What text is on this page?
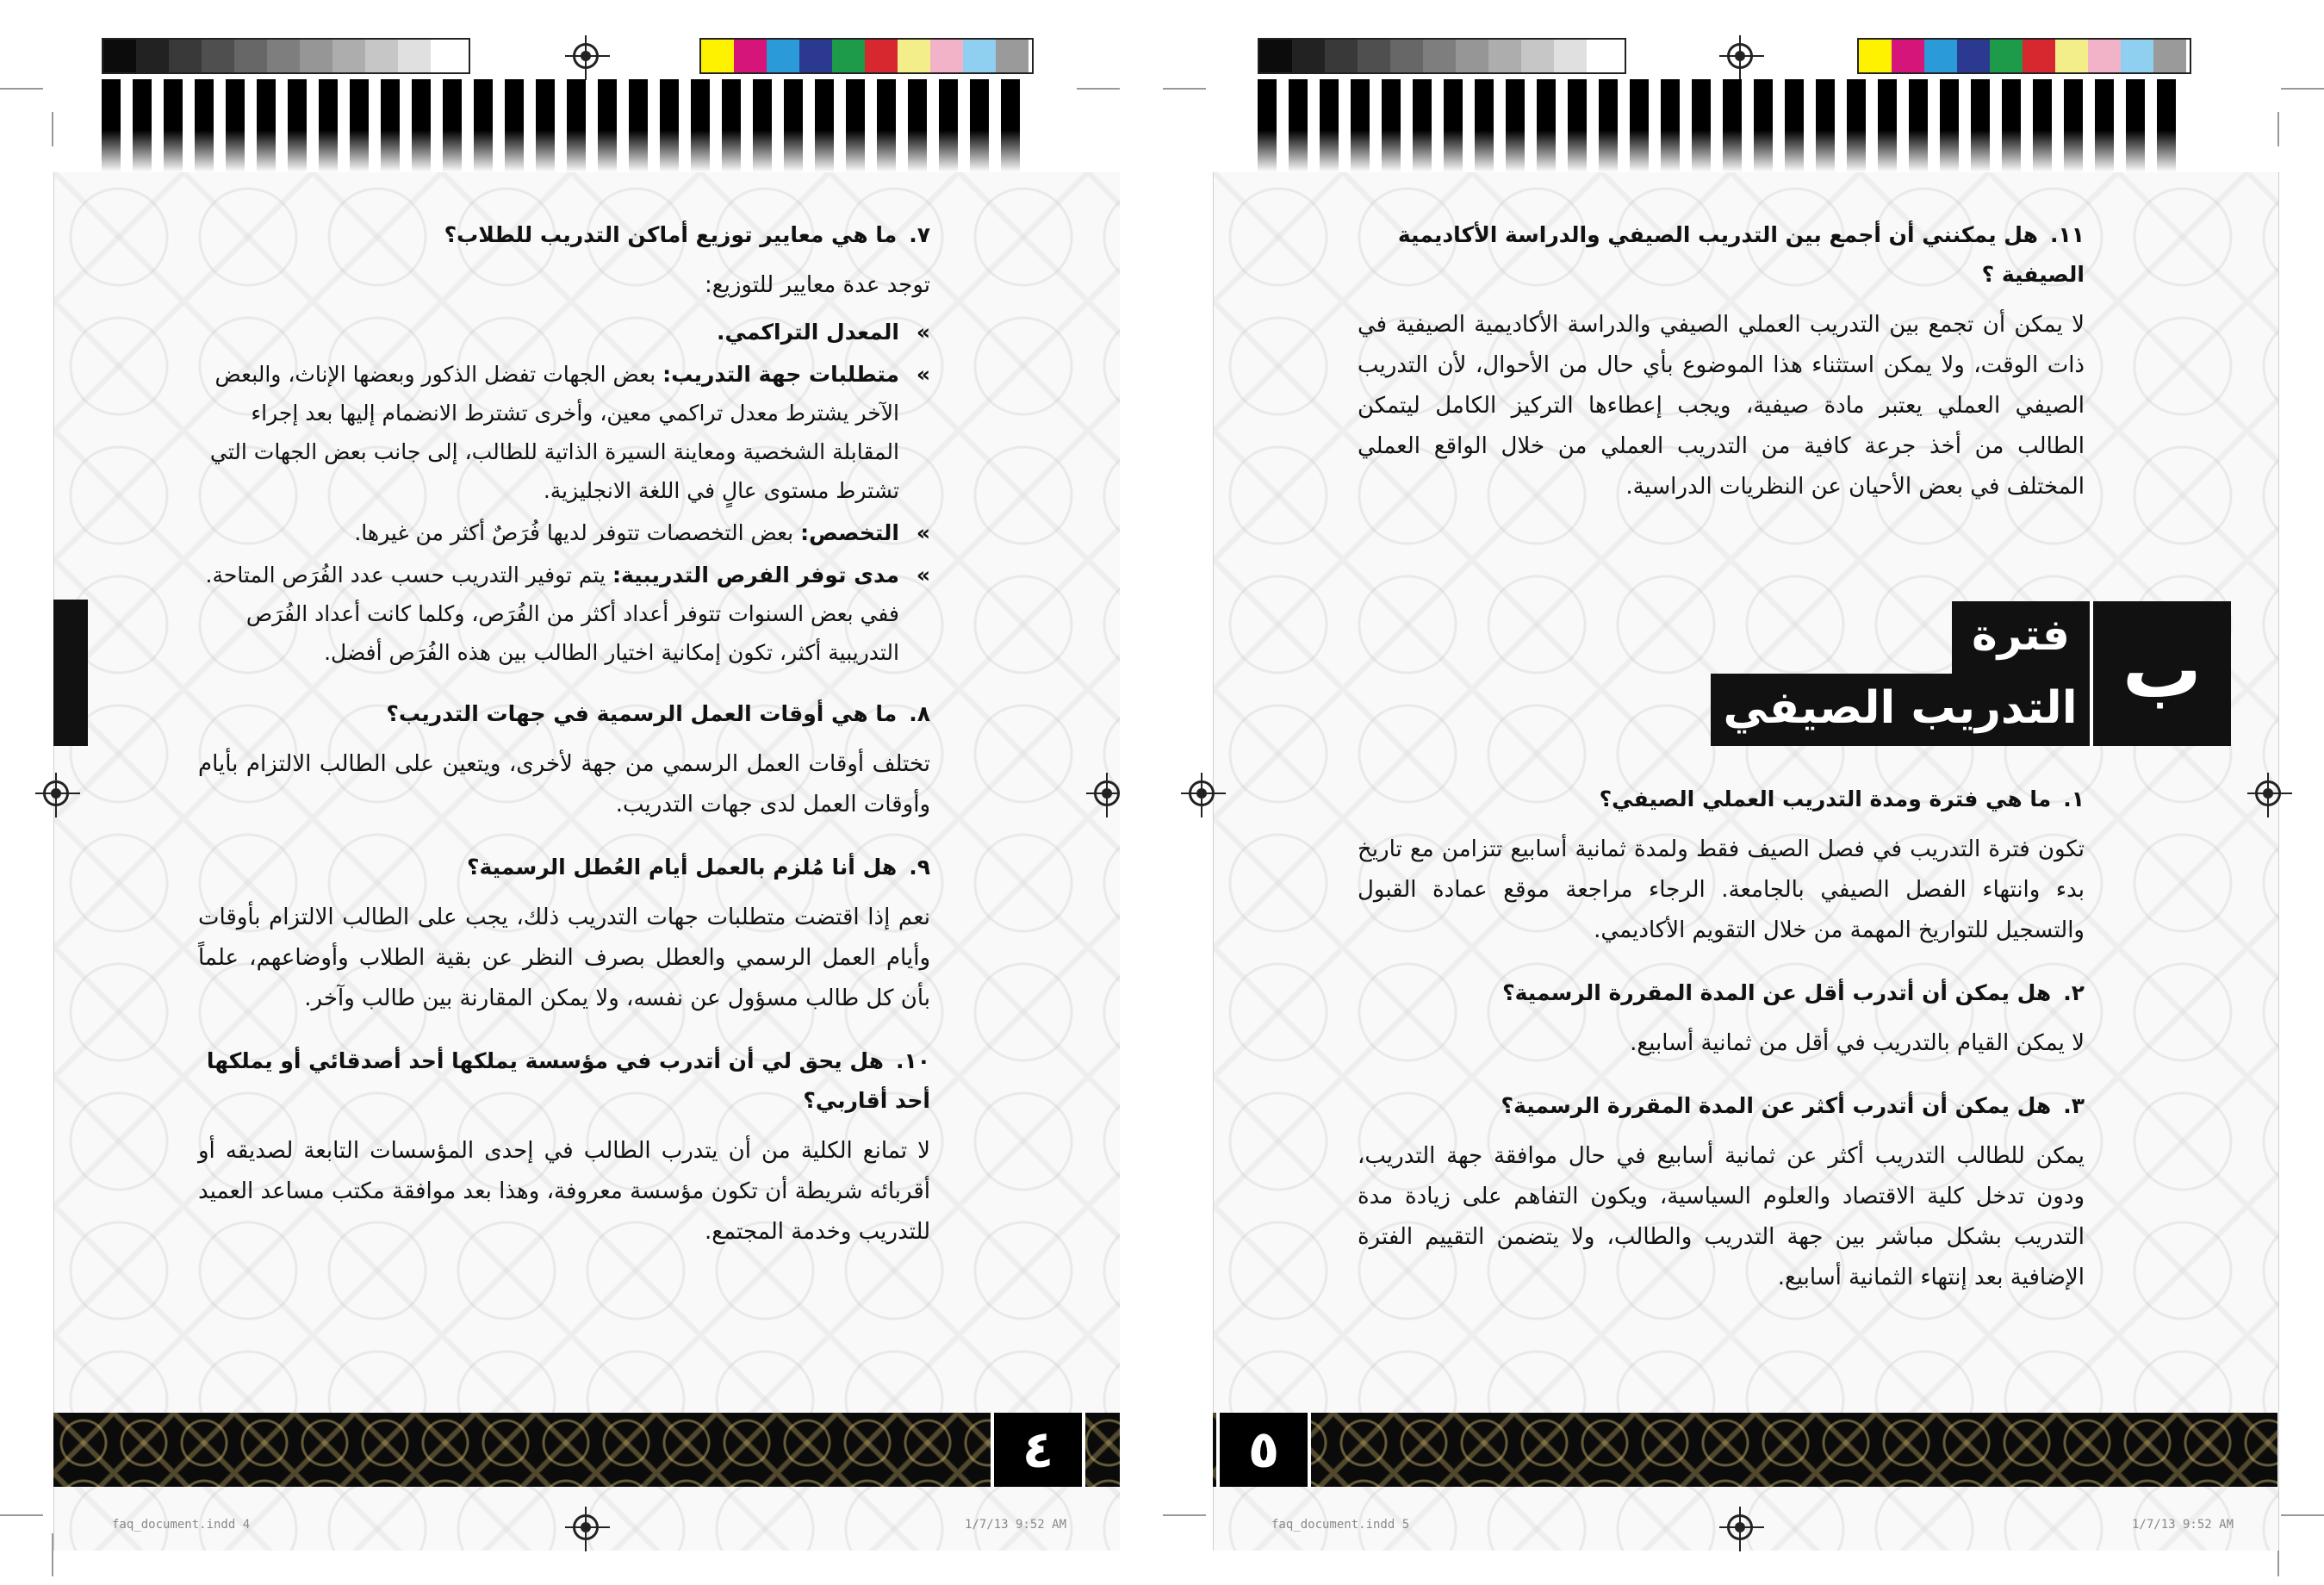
٧.ما هي معايير توزيع أماكن التدريب للطلاب؟
توجد عدة معايير للتوزيع:
»
المعدل التراكمي.
»
متطلبات جهة التدريب: بعض الجهات تفضل الذكور وبعضها الإناث، والبعض الآخر يشترط معدل تراكمي معين، وأخرى تشترط الانضمام إليها بعد إجراء المقابلة الشخصية ومعاينة السيرة الذاتية للطالب، إلى جانب بعض الجهات التي تشترط مستوى عالٍ في اللغة الانجليزية.
»
التخصص: بعض التخصصات تتوفر لديها فُرَصٌ أكثر من غيرها.
»
مدى توفر الفرص التدريبية: يتم توفير التدريب حسب عدد الفُرَص المتاحة. ففي بعض السنوات تتوفر أعداد أكثر من الفُرَص، وكلما كانت أعداد الفُرَص التدريبية أكثر، تكون إمكانية اختيار الطالب بين هذه الفُرَص أفضل.
٨.ما هي أوقات العمل الرسمية في جهات التدريب؟
تختلف أوقات العمل الرسمي من جهة لأخرى، ويتعين على الطالب الالتزام بأيام وأوقات العمل لدى جهات التدريب.
٩.هل أنا مُلزم بالعمل أيام العُطل الرسمية؟
نعم إذا اقتضت متطلبات جهات التدريب ذلك، يجب على الطالب الالتزام بأوقات وأيام العمل الرسمي والعطل بصرف النظر عن بقية الطلاب وأوضاعهم، علماً بأن كل طالب مسؤول عن نفسه، ولا يمكن المقارنة بين طالب وآخر.
١٠.هل يحق لي أن أتدرب في مؤسسة يملكها أحد أصدقائي أو يملكها أحد أقاربي؟
لا تمانع الكلية من أن يتدرب الطالب في إحدى المؤسسات التابعة لصديقه أو أقربائه شريطة أن تكون مؤسسة معروفة، وهذا بعد موافقة مكتب مساعد العميد للتدريب وخدمة المجتمع.
٤
faq_document.indd 4	1/7/13 9:52 AM
١١.هل يمكنني أن أجمع بين التدريب الصيفي والدراسة الأكاديمية الصيفية ؟
لا يمكن أن تجمع بين التدريب العملي الصيفي والدراسة الأكاديمية الصيفية في ذات الوقت، ولا يمكن استثناء هذا الموضوع بأي حال من الأحوال، لأن التدريب الصيفي العملي يعتبر مادة صيفية، ويجب إعطاءها التركيز الكامل ليتمكن الطالب من أخذ جرعة كافية من التدريب العملي من خلال الواقع العملي المختلف في بعض الأحيان عن النظريات الدراسية.
ب
فترة
التدريب الصيفي
١.ما هي فترة ومدة التدريب العملي الصيفي؟
تكون فترة التدريب في فصل الصيف فقط ولمدة ثمانية أسابيع تتزامن مع تاريخ بدء وانتهاء الفصل الصيفي بالجامعة. الرجاء مراجعة موقع عمادة القبول والتسجيل للتواريخ المهمة من خلال التقويم الأكاديمي.
٢.هل يمكن أن أتدرب أقل عن المدة المقررة الرسمية؟
لا يمكن القيام بالتدريب في أقل من ثمانية أسابيع.
٣.هل يمكن أن أتدرب أكثر عن المدة المقررة الرسمية؟
يمكن للطالب التدريب أكثر عن ثمانية أسابيع في حال موافقة جهة التدريب، ودون تدخل كلية الاقتصاد والعلوم السياسية، ويكون التفاهم على زيادة مدة التدريب بشكل مباشر بين جهة التدريب والطالب، ولا يتضمن التقييم الفترة الإضافية بعد إنتهاء الثمانية أسابيع.
٥
faq_document.indd 5	1/7/13 9:52 AM
